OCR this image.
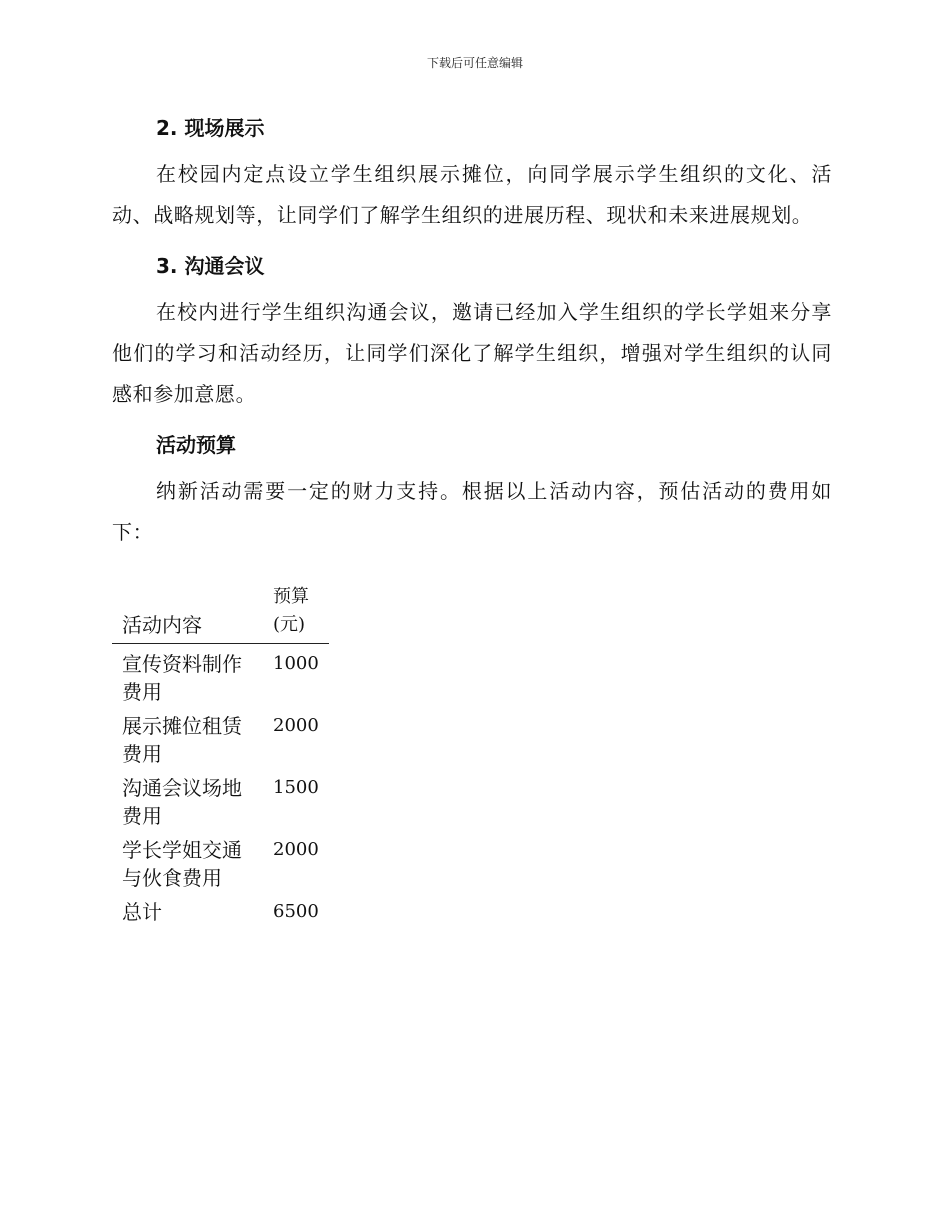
下载后可任意编辑
2. 现场展示

在校园内定点设立学生组织展示摊位，向同学展示学生组织的文化、活动、战略规划等，让同学们了解学生组织的进展历程、现状和未来进展规划。

3. 沟通会议

在校内进行学生组织沟通会议，邀请已经加入学生组织的学长学姐来分享他们的学习和活动经历，让同学们深化了解学生组织，增强对学生组织的认同感和参加意愿。

活动预算

纳新活动需要一定的财力支持。根据以上活动内容，预估活动的费用如下：

活动内容	预算(元)
宣传资料制作费用	1000
展示摊位租赁费用	2000
沟通会议场地费用	1500
学长学姐交通与伙食费用	2000
总计	6500
